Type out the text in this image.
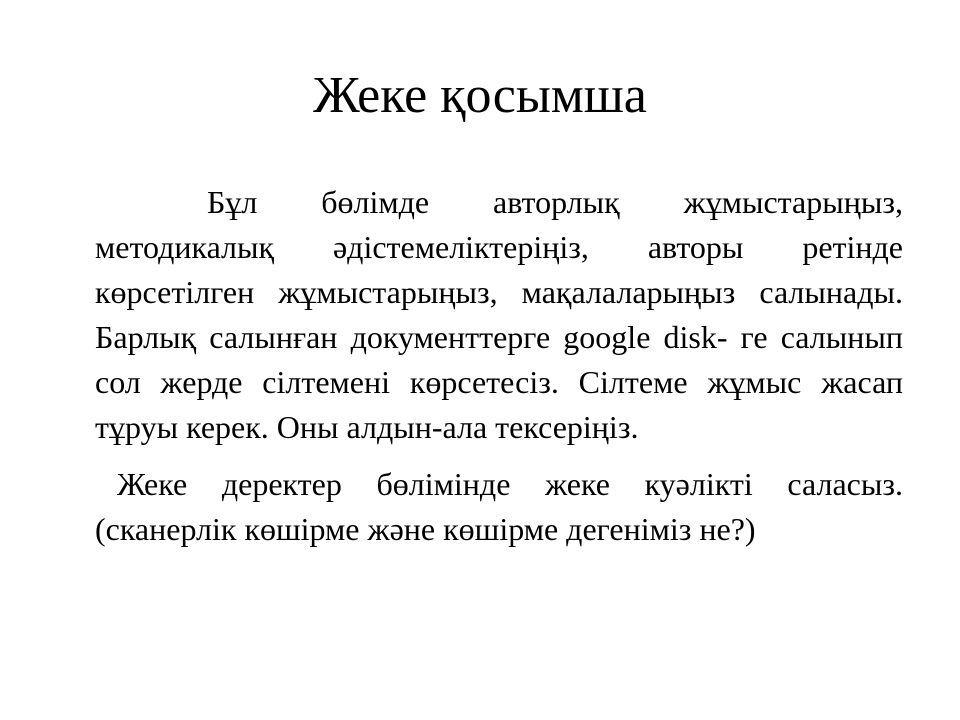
Жеке қосымша

Бұл бөлімде авторлық жұмыстарыңыз, методикалық әдістемеліктеріңіз, авторы ретінде көрсетілген жұмыстарыңыз, мақалаларыңыз салынады. Барлық салынған документтерге google disk- ге салынып сол жерде сілтемені көрсетесіз. Сілтеме жұмыс жасап тұруы керек. Оны алдын-ала тексеріңіз.

Жеке деректер бөлімінде жеке куәлікті саласыз. (сканерлік көшірме және көшірме дегеніміз не?)
